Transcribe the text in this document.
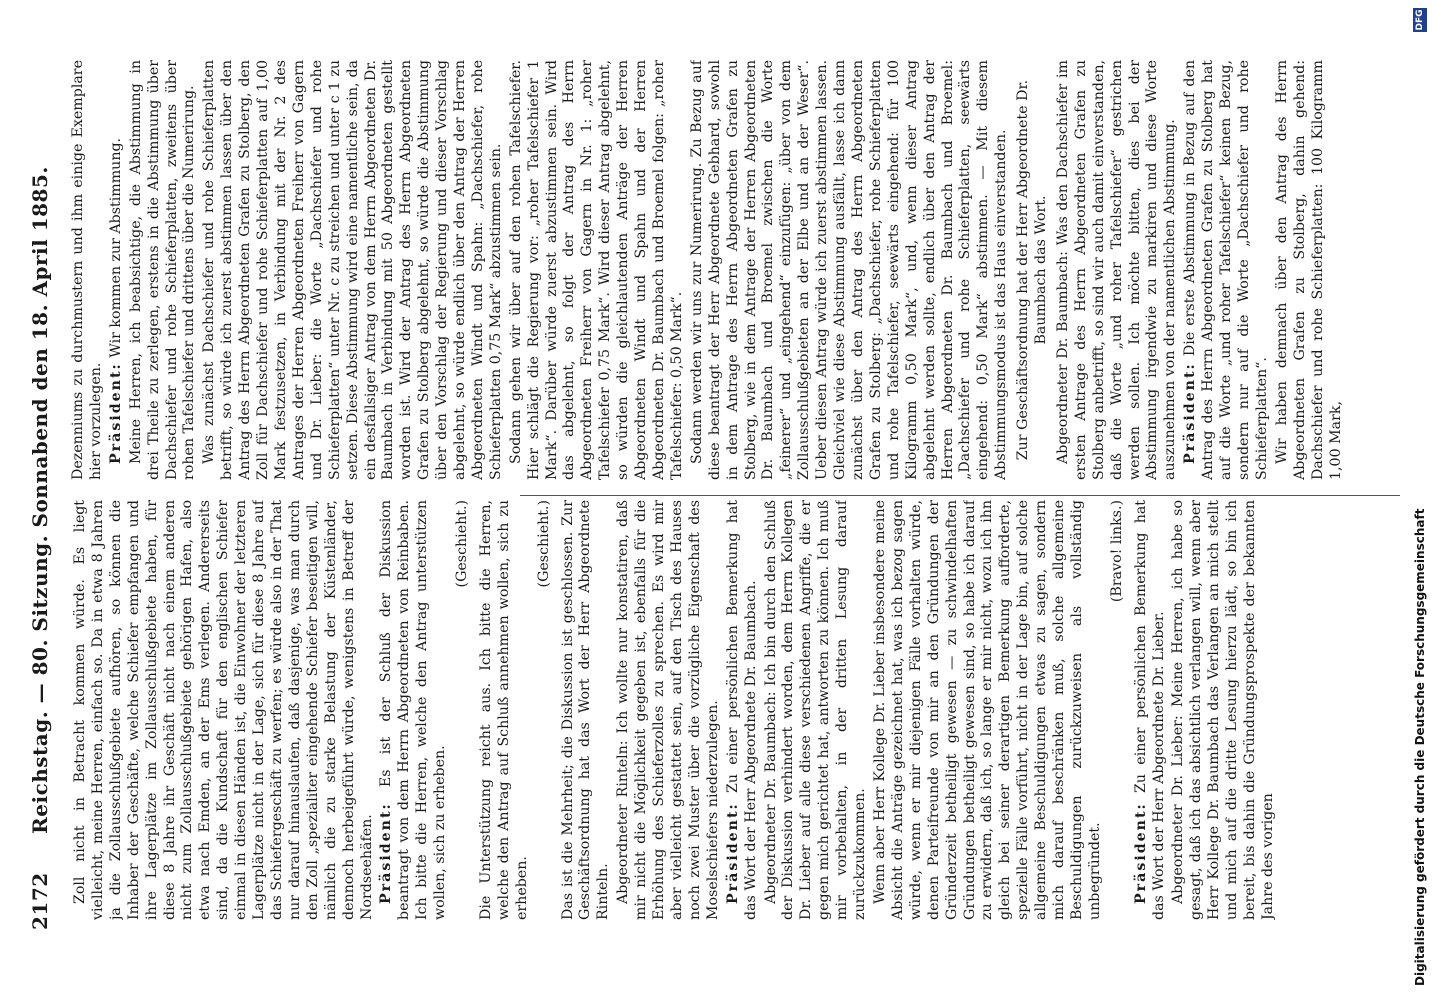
2172
Reichstag. — 80. Sitzung. Sonnabend den 18. April 1885. Zoll nicht in Betracht kommen würde. Es liegt vielleicht, meine Herren, einfach so. Da in etwa 8 Jahren ja die Zollausschlußgebiete aufhören, so können die Inhaber der Geschäfte, welche Schiefer empfangen und ihre Lagerplätze im Zollausschlußgebiete haben, für diese 8 Jahre ihr Geschäft nicht nach einem anderen nicht zum Zollausschlußgebiete gehörigen Hafen, also etwa nach Emden, an der Ems verlegen. Andererseits sind, da die Kundschaft für den englischen Schiefer einmal in diesen Händen ist, die Einwohner der letzteren Lagerplätze nicht in der Lage, sich für diese 8 Jahre auf das Schiefergeschäft zu werfen; es würde also in der That nur darauf hinauslaufen, daß dasjenige, was man durch den Zoll „spezialiter eingehende Schiefer beseitigen will, nämlich die zu starke Belastung der Küstenländer, dennoch herbeigeführt würde, wenigstens in Betreff der Nordseehäfen. Präsident: Es ist der Schluß der Diskussion beantragt von dem Herrn Abgeordneten von Reinbaben. Ich bitte die Herren, welche den Antrag unterstützen wollen, sich zu erheben.

(Geschieht.) Die Unterstützung reicht aus. Ich bitte die Herren, welche den Antrag auf Schluß annehmen wollen, sich zu erheben.

(Geschieht.) Das ist die Mehrheit; die Diskussion ist geschlossen. Zur Geschäftsordnung hat das Wort der Herr Abgeordnete Rinteln. Abgeordneter Rinteln: Ich wollte nur konstatiren, daß mir nicht die Möglichkeit gegeben ist, ebenfalls für die Erhöhung des Schieferzolles zu sprechen. Es wird mir aber vielleicht gestattet sein, auf den Tisch des Hauses noch zwei Muster über die vorzügliche Eigenschaft des Moselschiefers niederzulegen. Präsident: Zu einer persönlichen Bemerkung hat das Wort der Herr Abgeordnete Dr. Baumbach. Abgeordneter Dr. Baumbach: Ich bin durch den Schluß der Diskussion verhindert worden, dem Herrn Kollegen Dr. Lieber auf alle diese verschiedenen Angriffe, die er gegen mich gerichtet hat, antworten zu können. Ich muß mir vorbehalten, in der dritten Lesung darauf zurückzukommen. Wenn aber Herr Kollege Dr. Lieber insbesondere meine Absicht die Anträge gezeichnet hat, was ich bezog sagen würde, wenn er mir diejenigen Fälle vorhalten würde, denen Parteifreunde von mir an den Gründungen der Gründerzeit betheiligt gewesen — zu schwindelhaften Gründungen betheiligt gewesen sind, so habe ich darauf zu erwidern, daß ich, so lange er mir nicht, wozu ich ihn gleich bei seiner derartigen Bemerkung aufforderte, spezielle Fälle vorführt, nicht in der Lage bin, auf solche allgemeine Beschuldigungen etwas zu sagen, sondern mich darauf beschränken muß, solche allgemeine Beschuldigungen zurückzuweisen als vollständig unbegründet.

(Bravo! links.)

Präsident: Zu einer persönlichen Bemerkung hat das Wort der Herr Abgeordnete Dr. Lieber. Abgeordneter Dr. Lieber: Meine Herren, ich habe so gesagt, daß ich das absichtlich verlangen will, wenn aber Herr Kollege Dr. Baumbach das Verlangen an mich stellt und mich auf die dritte Lesung hierzu lädt, so bin ich bereit, bis dahin die Gründungsprospekte der bekannten Jahre des vorigen

Dezenniums zu durchmustern und ihm einige Exemplare hier vorzulegen. Präsident: Wir kommen zur Abstimmung. Meine Herren, ich beabsichtige, die Abstimmung in drei Theile zu zerlegen, erstens in die Abstimmung über Dachschiefer und rohe Schieferplatten, zweitens über rohen Tafelschiefer und drittens über die Numerirung. Was zunächst Dachschiefer und rohe Schieferplatten betrifft, so würde ich zuerst abstimmen lassen über den Antrag des Herrn Abgeordneten Grafen zu Stolberg, den Zoll für Dachschiefer und rohe Schieferplatten auf 1,00 Mark festzusetzen, in Verbindung mit der Nr. 2 des Antrages der Herren Abgeordneten Freiherr von Gagern und Dr. Lieber: die Worte „Dachschiefer und rohe Schieferplatten“ unter Nr. c zu streichen und unter c 1 zu setzen. Diese Abstimmung wird eine namentliche sein, da ein desfallsiger Antrag von dem Herrn Abgeordneten Dr. Baumbach in Verbindung mit 50 Abgeordneten gestellt worden ist. Wird der Antrag des Herrn Abgeordneten Grafen zu Stolberg abgelehnt, so würde die Abstimmung über den Vorschlag der Regierung und dieser Vorschlag abgelehnt, so würde endlich über den Antrag der Herren Abgeordneten Windt und Spahn: „Dachschiefer, rohe Schieferplatten 0,75 Mark“ abzustimmen sein. Sodann gehen wir über auf den rohen Tafelschiefer. Hier schlägt die Regierung vor: „roher Tafelschiefer 1 Mark“. Darüber würde zuerst abzustimmen sein. Wird das abgelehnt, so folgt der Antrag des Herrn Abgeordneten Freiherr von Gagern in Nr. 1: „roher Tafelschiefer 0,75 Mark“. Wird dieser Antrag abgelehnt, so würden die gleichlautenden Anträge der Herren Abgeordneten Windt und Spahn und der Herren Abgeordneten Dr. Baumbach und Broemel folgen: „roher Tafelschiefer: 0,50 Mark“. Sodann werden wir uns zur Numerirung. Zu Bezug auf diese beantragt der Herr Abgeordnete Gebhard, sowohl in dem Antrage des Herrn Abgeordneten Grafen zu Stolberg, wie in dem Antrage der Herren Abgeordneten Dr. Baumbach und Broemel zwischen die Worte „feinerer“ und „eingehend“ einzufügen: „über von dem Zollausschlußgebieten an der Elbe und an der Weser“. Ueber diesen Antrag würde ich zuerst abstimmen lassen. Gleichviel wie diese Abstimmung ausfällt, lasse ich dann zunächst über den Antrag des Herrn Abgeordneten Grafen zu Stolberg: „Dachschiefer, rohe Schieferplatten und rohe Tafelschiefer, seewärts eingehend: für 100 Kilogramm 0,50 Mark“, und, wenn dieser Antrag abgelehnt werden sollte, endlich über den Antrag der Herren Abgeordneten Dr. Baumbach und Broemel: „Dachschiefer und rohe Schieferplatten, seewärts eingehend: 0,50 Mark“ abstimmen. — Mit diesem Abstimmungsmodus ist das Haus einverstanden. Zur Geschäftsordnung hat der Herr Abgeordnete Dr. Baumbach das Wort. Abgeordneter Dr. Baumbach: Was den Dachschiefer im ersten Antrage des Herrn Abgeordneten Grafen zu Stolberg anbetrifft, so sind wir auch damit einverstanden, daß die Worte „und roher Tafelschiefer“ gestrichen werden sollen. Ich möchte bitten, dies bei der Abstimmung irgendwie zu markiren und diese Worte auszunehmen von der namentlichen Abstimmung. Präsident: Die erste Abstimmung in Bezug auf den Antrag des Herrn Abgeordneten Grafen zu Stolberg hat auf die Worte „und roher Tafelschiefer“ keinen Bezug, sondern nur auf die Worte „Dachschiefer und rohe Schieferplatten“. Wir haben demnach über den Antrag des Herrn Abgeordneten Grafen zu Stolberg, dahin gehend: Dachschiefer und rohe Schieferplatten: 100 Kilogramm 1,00 Mark,

Digitalisierung gefördert durch die Deutsche Forschungsgemeinschaft
DFG
